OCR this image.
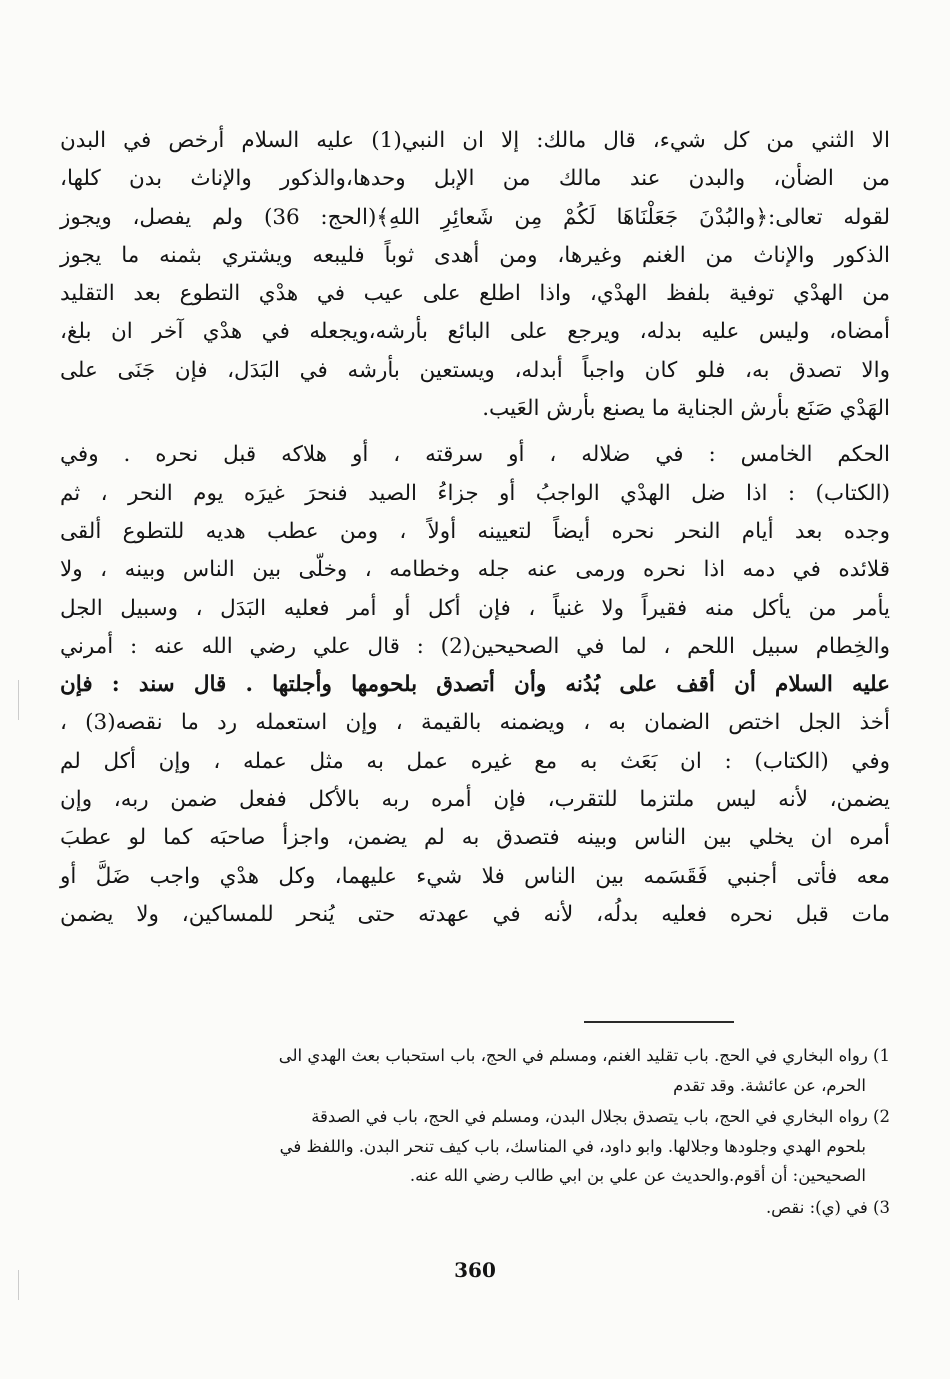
الا الثني من كل شيء، قال مالك: إلا ان النبي(1) عليه السلام أرخص في البدن

من الضأن، والبدن عند مالك من الإبل وحدها،والذكور والإناث بدن كلها،

لقوله تعالى:﴿والبُدْنَ جَعَلْنَاهَا لَكُمْ مِن شَعائِرِ اللهِ﴾(الحج: 36) ولم يفصل، ويجوز

الذكور والإناث من الغنم وغيرها، ومن أهدى ثوباً فليبعه ويشتري بثمنه ما يجوز

من الهدْي توفية بلفظ الهدْي، واذا اطلع على عيب في هدْي التطوع بعد التقليد

أمضاه، وليس عليه بدله، ويرجع على البائع بأرشه،ويجعله في هدْي آخر ان بلغ،

والا تصدق به، فلو كان واجباً أبدله، ويستعين بأرشه في البَدَل، فإن جَنَى على

الهَدْي صَنَع بأرش الجناية ما يصنع بأرش العَيب.

الحكم الخامس : في ضلاله ، أو سرقته ، أو هلاكه قبل نحره . وفي

(الكتاب) : اذا ضل الهدْي الواجبُ أو جزاءُ الصيد فنحرَ غيرَه يوم النحر ، ثم

وجده بعد أيام النحر نحره أيضاً لتعيينه أولاً ، ومن عطب هديه للتطوع ألقى

قلائده في دمه اذا نحره ورمى عنه جله وخطامه ، وخلّى بين الناس وبينه ، ولا

يأمر من يأكل منه فقيراً ولا غنياً ، فإن أكل أو أمر فعليه البَدَل ، وسبيل الجل

والخِطام سبيل اللحم ، لما في الصحيحين(2) : قال علي رضي الله عنه : أمرني

عليه السلام أن أقف على بُدُنه وأن أتصدق بلحومها وأجلتها . قال سند : فإن

أخذ الجل اختص الضمان به ، ويضمنه بالقيمة ، وإن استعمله رد ما نقصه(3) ،

وفي (الكتاب) : ان بَعَث به مع غيره عمل به مثل عمله ، وإن أكل لم

يضمن، لأنه ليس ملتزما للتقرب، فإن أمره ربه بالأكل ففعل ضمن ربه، وإن

أمره ان يخلي بين الناس وبينه فتصدق به لم يضمن، واجزأ صاحبَه كما لو عطبَ

معه فأتى أجنبي فَقَسَمه بين الناس فلا شيء عليهما، وكل هدْي واجب ضَلَّ أو

مات قبل نحره فعليه بدلُه، لأنه في عهدته حتى يُنحر للمساكين، ولا يضمن

1) رواه البخاري في الحج. باب تقليد الغنم، ومسلم في الحج، باب استحباب بعث الهدي الى
الحرم، عن عائشة. وقد تقدم
2) رواه البخاري في الحج، باب يتصدق بجلال البدن، ومسلم في الحج، باب في الصدقة
بلحوم الهدي وجلودها وجلالها. وابو داود، في المناسك، باب كيف تنحر البدن. واللفظ في
الصحيحين: أن أقوم.والحديث عن علي بن ابي طالب رضي الله عنه.
3) في (ي): نقص.
360
